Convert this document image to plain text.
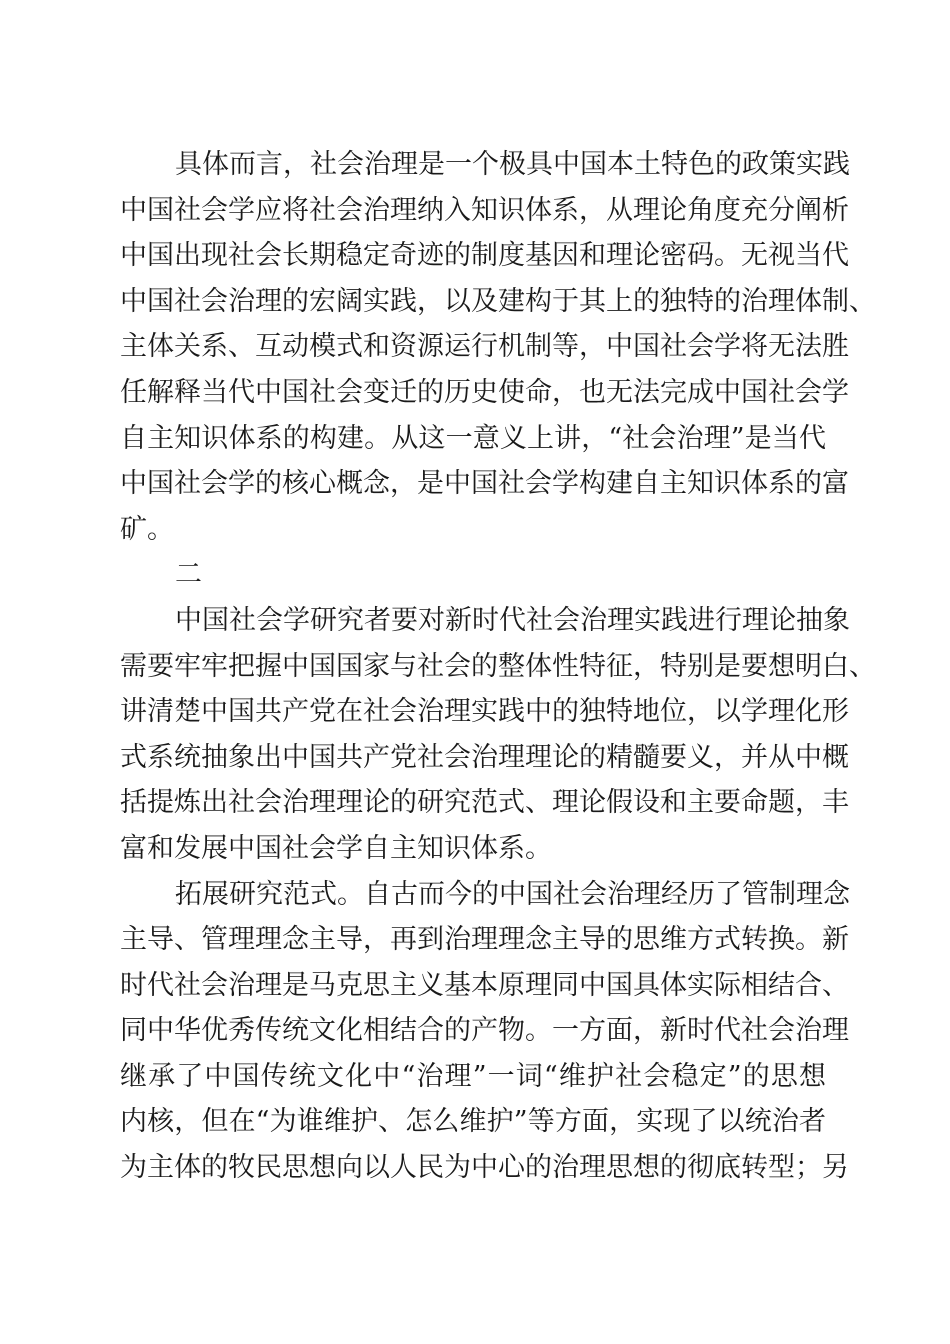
具体而言，社会治理是一个极具中国本土特色的政策实践
中国社会学应将社会治理纳入知识体系，从理论角度充分阐析
中国出现社会长期稳定奇迹的制度基因和理论密码。无视当代
中国社会治理的宏阔实践，以及建构于其上的独特的治理体制、
主体关系、互动模式和资源运行机制等，中国社会学将无法胜
任解释当代中国社会变迁的历史使命，也无法完成中国社会学
自主知识体系的构建。从这一意义上讲，“社会治理”是当代
中国社会学的核心概念，是中国社会学构建自主知识体系的富
矿。
二
中国社会学研究者要对新时代社会治理实践进行理论抽象
需要牢牢把握中国国家与社会的整体性特征，特别是要想明白、
讲清楚中国共产党在社会治理实践中的独特地位，以学理化形
式系统抽象出中国共产党社会治理理论的精髓要义，并从中概
括提炼出社会治理理论的研究范式、理论假设和主要命题，丰
富和发展中国社会学自主知识体系。
拓展研究范式。自古而今的中国社会治理经历了管制理念
主导、管理理念主导，再到治理理念主导的思维方式转换。新
时代社会治理是马克思主义基本原理同中国具体实际相结合、
同中华优秀传统文化相结合的产物。一方面，新时代社会治理
继承了中国传统文化中“治理”一词“维护社会稳定”的思想
内核，但在“为谁维护、怎么维护”等方面，实现了以统治者
为主体的牧民思想向以人民为中心的治理思想的彻底转型；另
